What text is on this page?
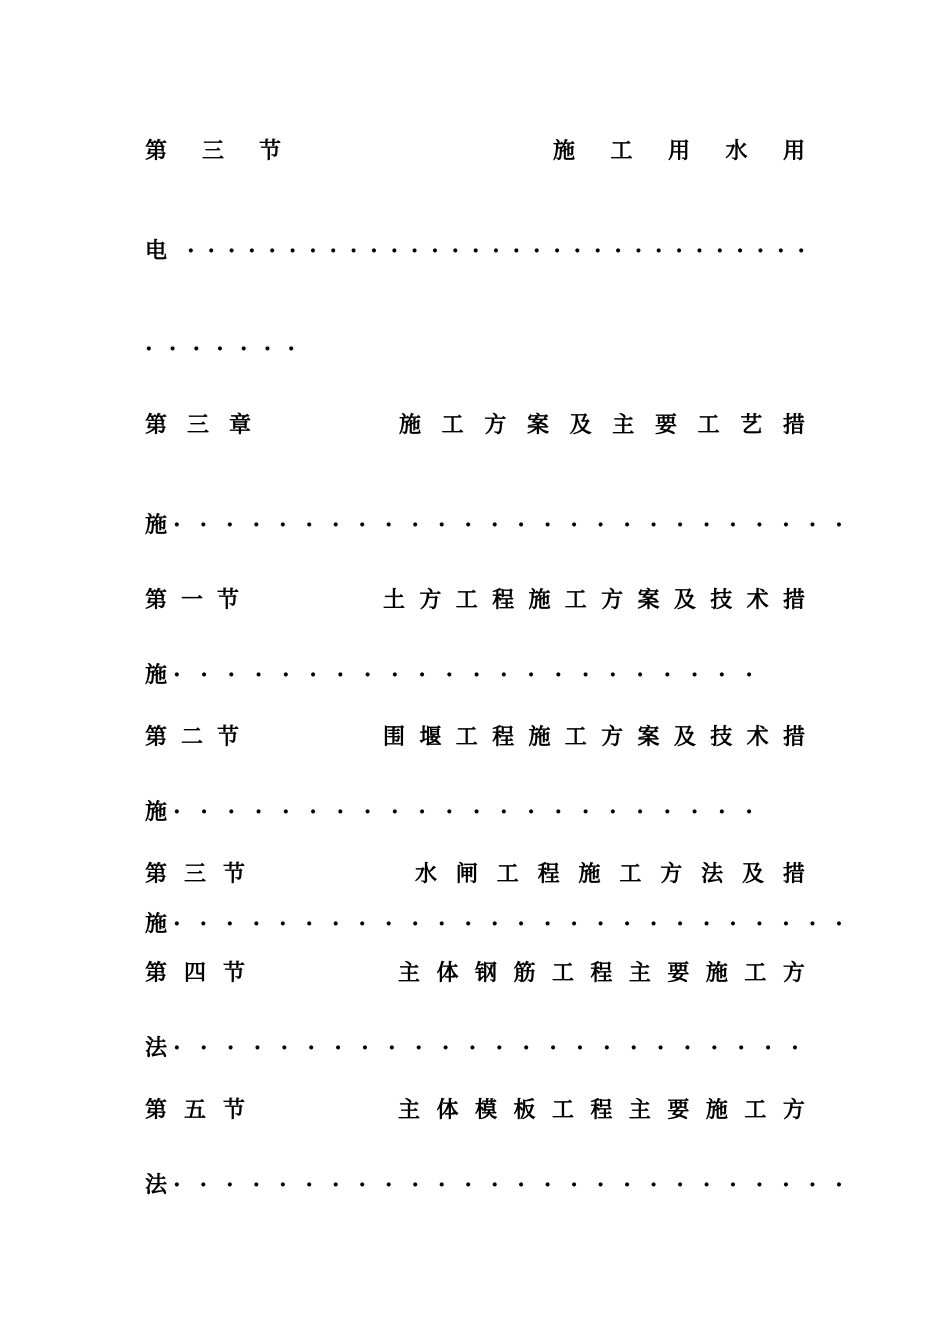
第 三 节	施 工 用 水 用
电 · · · · · · · · · · · · · · · · · · · · · · · · · · · · · · ·
· · · · · · ·
第 三 章	施 工 方 案 及 主 要 工 艺 措
施 · · · · · · · · · · · · · · · · · · · · · · · · · ·
第 一 节	土 方 工 程 施 工 方 案 及 技 术 措
施 · · · · · · · · · · · · · · · · · · · · · ·
第 二 节	围 堰 工 程 施 工 方 案 及 技 术 措
施 · · · · · · · · · · · · · · · · · · · · · ·
第 三 节	水 闸 工 程 施 工 方 法 及 措
施 · · · · · · · · · · · · · · · · · · · · · · · · · ·
第 四 节	主 体 钢 筋 工 程 主 要 施 工 方
法 · · · · · · · · · · · · · · · · · · · · · · · ·
第 五 节	主 体 模 板 工 程 主 要 施 工 方
法 · · · · · · · · · · · · · · · · · · · · · · · · · ·
